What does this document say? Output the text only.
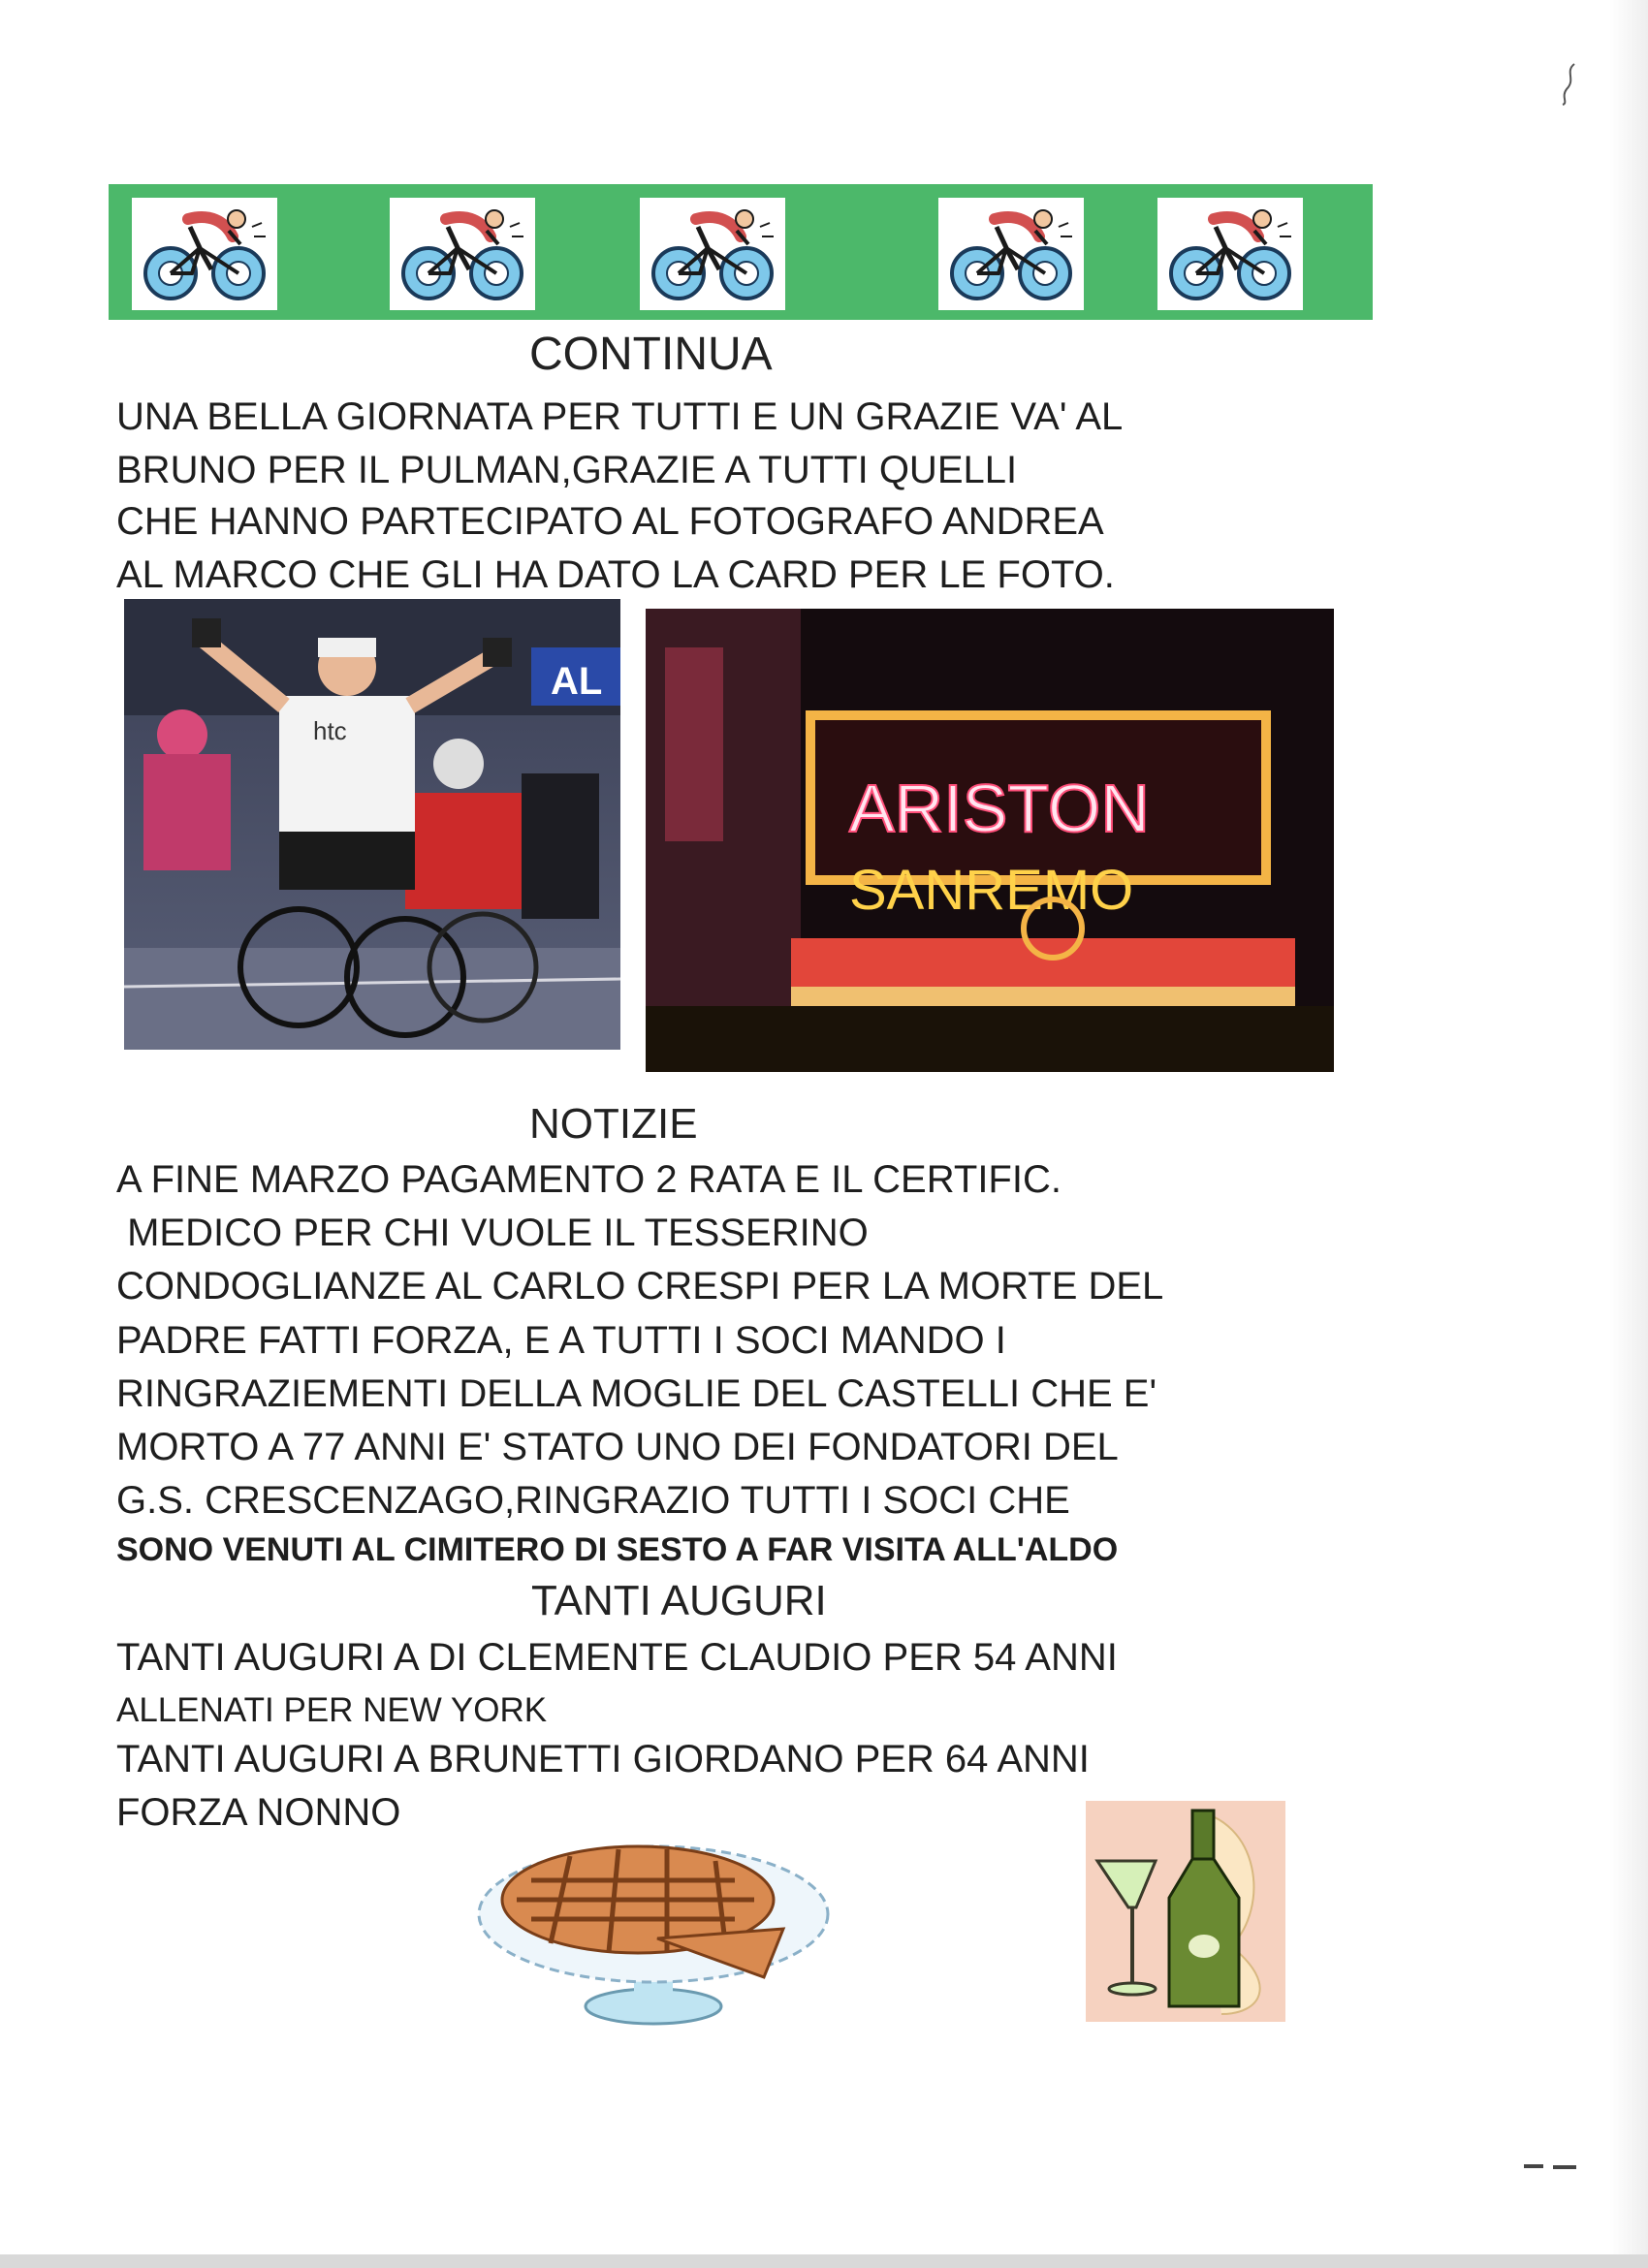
CONTINUA
UNA BELLA GIORNATA PER TUTTI E UN GRAZIE VA' AL
BRUNO PER IL PULMAN,GRAZIE A TUTTI QUELLI
CHE HANNO PARTECIPATO AL FOTOGRAFO ANDREA
AL MARCO CHE GLI HA DATO LA CARD PER LE FOTO.
AL
htc
ARISTON
SANREMO
NOTIZIE
A FINE MARZO PAGAMENTO 2 RATA E IL CERTIFIC.
MEDICO PER CHI VUOLE IL TESSERINO
CONDOGLIANZE AL CARLO CRESPI PER LA MORTE DEL
PADRE FATTI FORZA, E A TUTTI I SOCI MANDO I
RINGRAZIEMENTI DELLA MOGLIE DEL CASTELLI CHE E'
MORTO A 77 ANNI E' STATO UNO DEI FONDATORI DEL
G.S. CRESCENZAGO,RINGRAZIO TUTTI I SOCI CHE
SONO VENUTI AL CIMITERO DI SESTO A FAR VISITA ALL'ALDO
TANTI AUGURI
TANTI AUGURI A DI CLEMENTE CLAUDIO PER 54 ANNI
ALLENATI PER NEW YORK
TANTI AUGURI A BRUNETTI GIORDANO PER 64 ANNI
FORZA NONNO
